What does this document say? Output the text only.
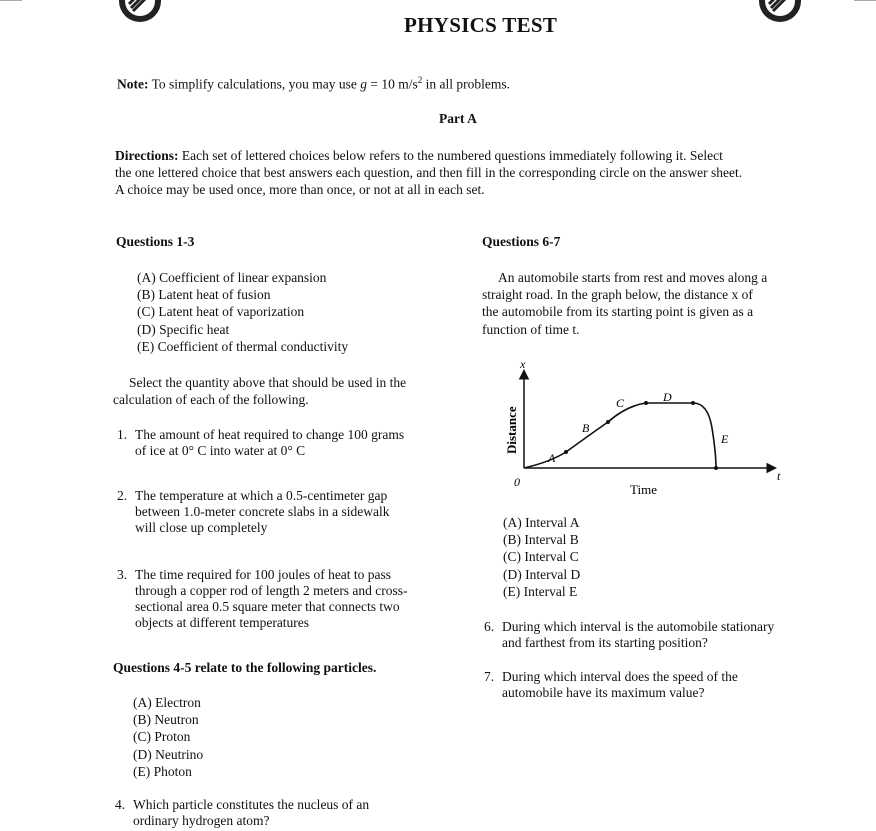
PHYSICS TEST
Note: To simplify calculations, you may use g = 10 $m/s^2$ in all problems.
Part A
Directions: Each set of lettered choices below refers to the numbered questions immediately following it. Select
the one lettered choice that best answers each question, and then fill in the corresponding circle on the answer sheet.
A choice may be used once, more than once, or not at all in each set.
Questions 1-3
(A) Coefficient of linear expansion
(B) Latent heat of fusion
(C) Latent heat of vaporization
(D) Specific heat
(E) Coefficient of thermal conductivity
Select the quantity above that should be used in the
calculation of each of the following.
1. The amount of heat required to change 100 grams
of ice at 0° C into water at 0° C
2. The temperature at which a 0.5-centimeter gap
between 1.0-meter concrete slabs in a sidewalk
will close up completely
3. The time required for 100 joules of heat to pass
through a copper rod of length 2 meters and cross-
sectional area 0.5 square meter that connects two
objects at different temperatures
Questions 4-5 relate to the following particles.
(A) Electron
(B) Neutron
(C) Proton
(D) Neutrino
(E) Photon
4. Which particle constitutes the nucleus of an
ordinary hydrogen atom?
Questions 6-7
An automobile starts from rest and moves along a
straight road. In the graph below, the distance x of
the automobile from its starting point is given as a
function of time t.
x
t
0
Distance
Time
A
B
C	D
E
(A) Interval A
(B) Interval B
(C) Interval C
(D) Interval D
(E) Interval E
6. During which interval is the automobile stationary
and farthest from its starting position?
7. During which interval does the speed of the
automobile have its maximum value?
